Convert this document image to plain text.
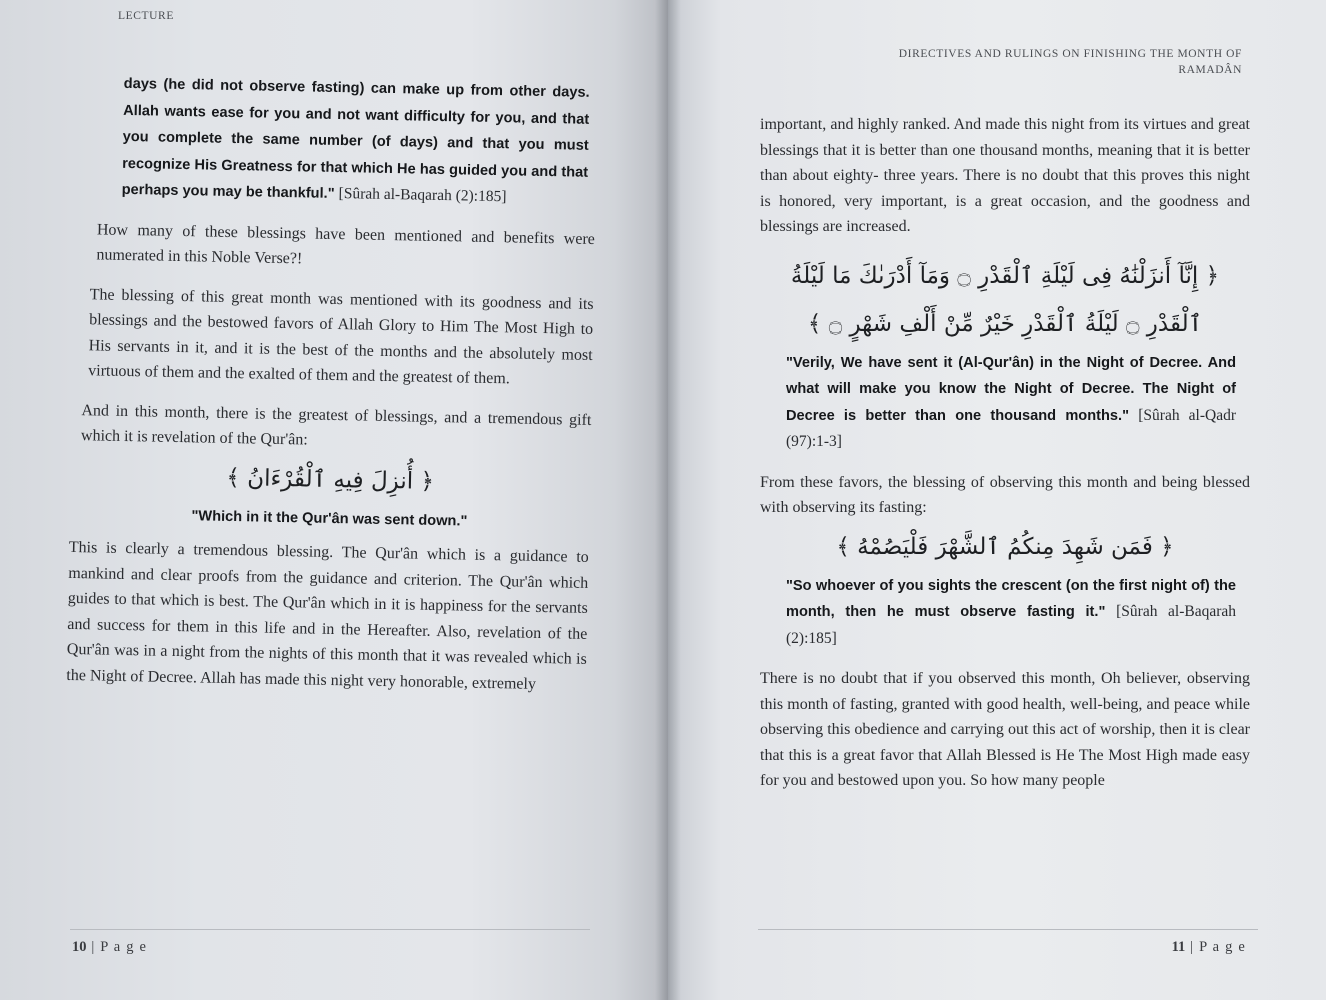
LECTURE

days (he did not observe fasting) can make up from other days. Allah wants ease for you and not want difficulty for you, and that you complete the same number (of days) and that you must recognize His Greatness for that which He has guided you and that perhaps you may be thankful." [Sûrah al-Baqarah (2):185]

How many of these blessings have been mentioned and benefits were numerated in this Noble Verse?!

The blessing of this great month was mentioned with its goodness and its blessings and the bestowed favors of Allah Glory to Him The Most High to His servants in it, and it is the best of the months and the absolutely most virtuous of them and the exalted of them and the greatest of them.

And in this month, there is the greatest of blessings, and a tremendous gift which it is revelation of the Qur'ân:

﴿ أُنزِلَ فِيهِ ٱلْقُرْءَانُ ﴾

"Which in it the Qur'ân was sent down."

This is clearly a tremendous blessing. The Qur'ân which is a guidance to mankind and clear proofs from the guidance and criterion. The Qur'ân which guides to that which is best. The Qur'ân which in it is happiness for the servants and success for them in this life and in the Hereafter. Also, revelation of the Qur'ân was in a night from the nights of this month that it was revealed which is the Night of Decree. Allah has made this night very honorable, extremely

10 | P a g e
DIRECTIVES AND RULINGS ON FINISHING THE MONTH OF
RAMADÂN

important, and highly ranked. And made this night from its virtues and great blessings that it is better than one thousand months, meaning that it is better than about eighty- three years. There is no doubt that this proves this night is honored, very important, is a great occasion, and the goodness and blessings are increased.

﴿ إِنَّآ أَنزَلْنَٰهُ فِى لَيْلَةِ ٱلْقَدْرِ ۝ وَمَآ أَدْرَىٰكَ مَا لَيْلَةُ
ٱلْقَدْرِ ۝ لَيْلَةُ ٱلْقَدْرِ خَيْرٌ مِّنْ أَلْفِ شَهْرٍ ۝ ﴾

"Verily, We have sent it (Al-Qur'ân) in the Night of Decree. And what will make you know the Night of Decree. The Night of Decree is better than one thousand months." [Sûrah al-Qadr (97):1-3]

From these favors, the blessing of observing this month and being blessed with observing its fasting:

﴿ فَمَن شَهِدَ مِنكُمُ ٱلشَّهْرَ فَلْيَصُمْهُ ﴾

"So whoever of you sights the crescent (on the first night of) the month, then he must observe fasting it." [Sûrah al-Baqarah (2):185]

There is no doubt that if you observed this month, Oh believer, observing this month of fasting, granted with good health, well-being, and peace while observing this obedience and carrying out this act of worship, then it is clear that this is a great favor that Allah Blessed is He The Most High made easy for you and bestowed upon you. So how many people

11 | P a g e
